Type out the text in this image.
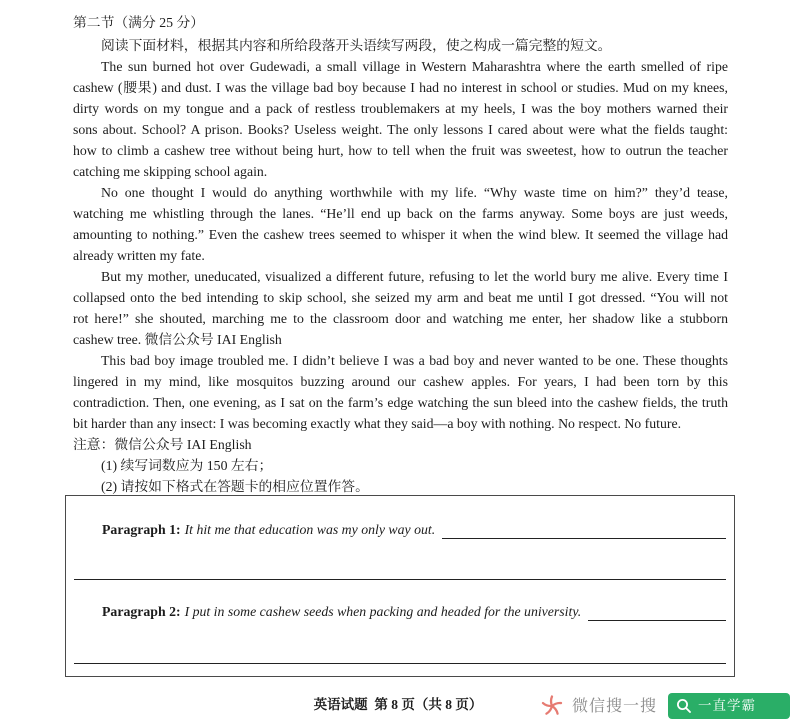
第二节（满分 25 分）
阅读下面材料，根据其内容和所给段落开头语续写两段，使之构成一篇完整的短文。
The sun burned hot over Gudewadi, a small village in Western Maharashtra where the earth smelled of ripe
cashew (腰果) and dust. I was the village bad boy because I had no interest in school or studies. Mud on my knees,
dirty words on my tongue and a pack of restless troublemakers at my heels, I was the boy mothers warned their
sons about. School? A prison. Books? Useless weight. The only lessons I cared about were what the fields taught:
how to climb a cashew tree without being hurt, how to tell when the fruit was sweetest, how to outrun the teacher
catching me skipping school again.
No one thought I would do anything worthwhile with my life. “Why waste time on him?” they’d tease,
watching me whistling through the lanes. “He’ll end up back on the farms anyway. Some boys are just weeds,
amounting to nothing.” Even the cashew trees seemed to whisper it when the wind blew. It seemed the village had
already written my fate.
But my mother, uneducated, visualized a different future, refusing to let the world bury me alive. Every time I
collapsed onto the bed intending to skip school, she seized my arm and beat me until I got dressed. “You will not
rot here!” she shouted, marching me to the classroom door and watching me enter, her shadow like a stubborn
cashew tree. 微信公众号 IAI English
This bad boy image troubled me. I didn’t believe I was a bad boy and never wanted to be one. These thoughts
lingered in my mind, like mosquitos buzzing around our cashew apples. For years, I had been torn by this
contradiction. Then, one evening, as I sat on the farm’s edge watching the sun bleed into the cashew fields, the truth
bit harder than any insect: I was becoming exactly what they said—a boy with nothing. No respect. No future.
注意：微信公众号 IAI English
(1) 续写词数应为 150 左右；
(2) 请按如下格式在答题卡的相应位置作答。
Paragraph 1: It hit me that education was my only way out.
Paragraph 2: I put in some cashew seeds when packing and headed for the university.
英语试题  第 8 页（共 8 页）	微信搜一搜	一直学霸
